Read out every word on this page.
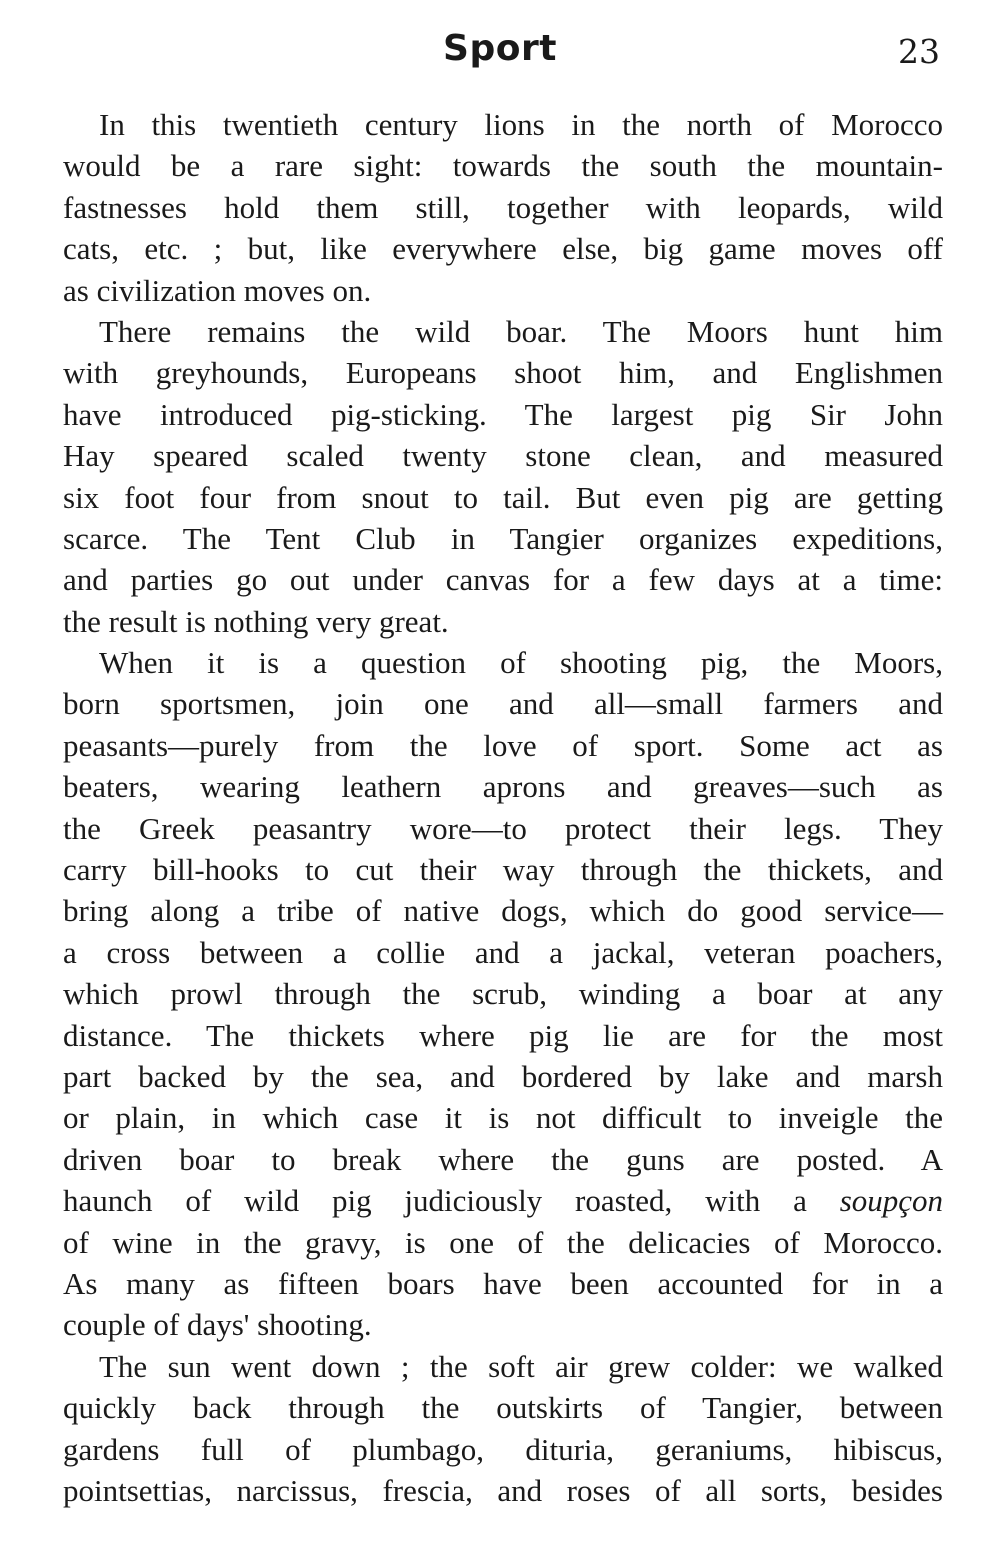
Sport	23

In this twentieth century lions in the north of Morocco
would be a rare sight: towards the south the mountain-
fastnesses hold them still, together with leopards, wild
cats, etc. ; but, like everywhere else, big game moves off
as civilization moves on.

There remains the wild boar. The Moors hunt him
with greyhounds, Europeans shoot him, and Englishmen
have introduced pig-sticking. The largest pig Sir John
Hay speared scaled twenty stone clean, and measured
six foot four from snout to tail. But even pig are getting
scarce. The Tent Club in Tangier organizes expeditions,
and parties go out under canvas for a few days at a time:
the result is nothing very great.

When it is a question of shooting pig, the Moors,
born sportsmen, join one and all—small farmers and
peasants—purely from the love of sport. Some act as
beaters, wearing leathern aprons and greaves—such as
the Greek peasantry wore—to protect their legs. They
carry bill-hooks to cut their way through the thickets, and
bring along a tribe of native dogs, which do good service—
a cross between a collie and a jackal, veteran poachers,
which prowl through the scrub, winding a boar at any
distance. The thickets where pig lie are for the most
part backed by the sea, and bordered by lake and marsh
or plain, in which case it is not difficult to inveigle the
driven boar to break where the guns are posted. A
haunch of wild pig judiciously roasted, with a soupçon
of wine in the gravy, is one of the delicacies of Morocco.
As many as fifteen boars have been accounted for in a
couple of days' shooting.

The sun went down ; the soft air grew colder: we walked
quickly back through the outskirts of Tangier, between
gardens full of plumbago, dituria, geraniums, hibiscus,
pointsettias, narcissus, frescia, and roses of all sorts, besides
